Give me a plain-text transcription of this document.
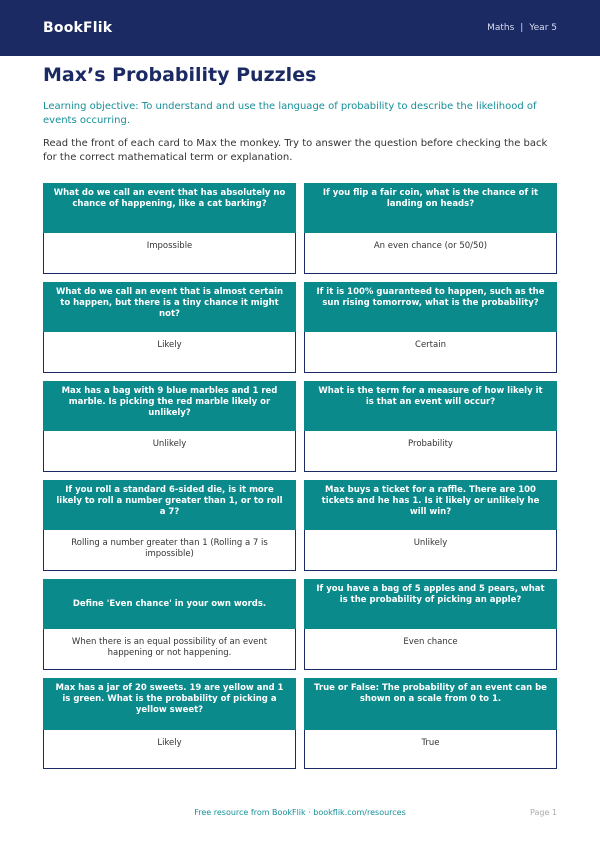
BookFlik	Maths | Year 5
Max’s Probability Puzzles

Learning objective: To understand and use the language of probability to describe the likelihood of events occurring.

Read the front of each card to Max the monkey. Try to answer the question before checking the back for the correct mathematical term or explanation.

What do we call an event that has absolutely no chance of happening, like a cat barking?
Impossible
If you flip a fair coin, what is the chance of it landing on heads?
An even chance (or 50/50)
What do we call an event that is almost certain to happen, but there is a tiny chance it might not?
Likely
If it is 100% guaranteed to happen, such as the sun rising tomorrow, what is the probability?
Certain
Max has a bag with 9 blue marbles and 1 red marble. Is picking the red marble likely or unlikely?
Unlikely
What is the term for a measure of how likely it is that an event will occur?
Probability
If you roll a standard 6-sided die, is it more likely to roll a number greater than 1, or to roll a 7?
Rolling a number greater than 1 (Rolling a 7 is impossible)
Max buys a ticket for a raffle. There are 100 tickets and he has 1. Is it likely or unlikely he will win?
Unlikely
Define 'Even chance' in your own words.
When there is an equal possibility of an event happening or not happening.
If you have a bag of 5 apples and 5 pears, what is the probability of picking an apple?
Even chance
Max has a jar of 20 sweets. 19 are yellow and 1 is green. What is the probability of picking a yellow sweet?
Likely
True or False: The probability of an event can be shown on a scale from 0 to 1.
True
Free resource from BookFlik · bookflik.com/resources	Page 1
